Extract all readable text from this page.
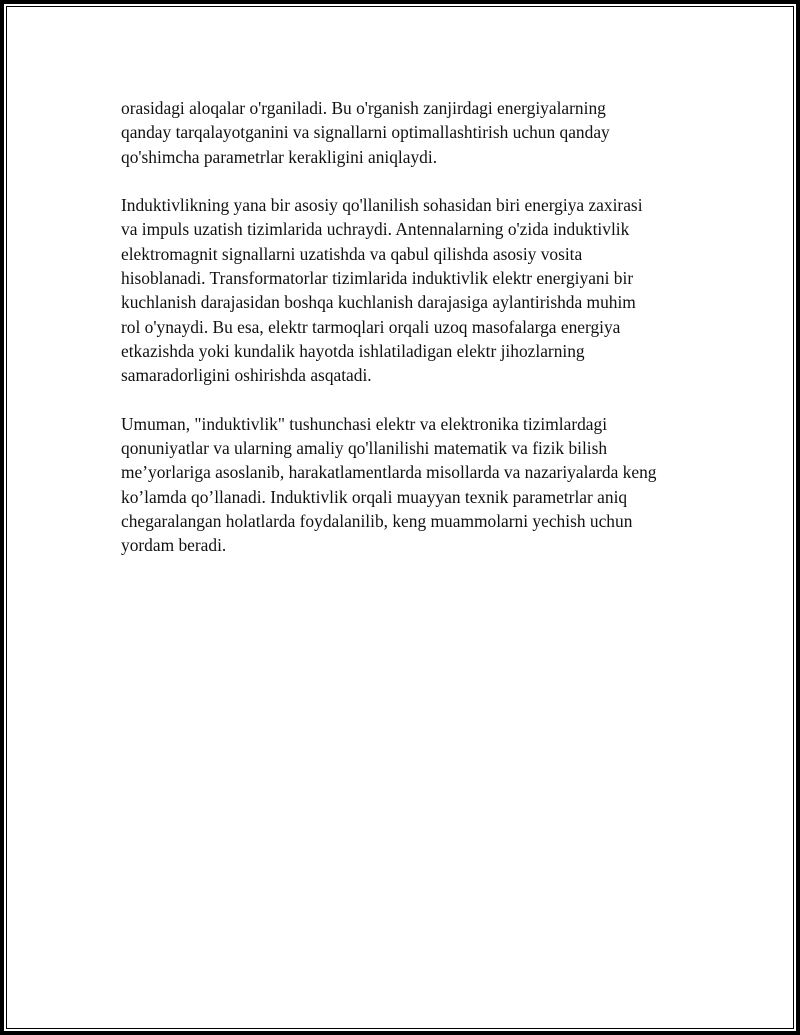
orasidagi aloqalar o'rganiladi. Bu o'rganish zanjirdagi energiyalarning
qanday tarqalayotganini va signallarni optimallashtirish uchun qanday
qo'shimcha parametrlar kerakligini aniqlaydi.
Induktivlikning yana bir asosiy qo'llanilish sohasidan biri energiya zaxirasi
va impuls uzatish tizimlarida uchraydi. Antennalarning o'zida induktivlik
elektromagnit signallarni uzatishda va qabul qilishda asosiy vosita
hisoblanadi. Transformatorlar tizimlarida induktivlik elektr energiyani bir
kuchlanish darajasidan boshqa kuchlanish darajasiga aylantirishda muhim
rol o'ynaydi. Bu esa, elektr tarmoqlari orqali uzoq masofalarga energiya
etkazishda yoki kundalik hayotda ishlatiladigan elektr jihozlarning
samaradorligini oshirishda asqatadi.
Umuman, "induktivlik" tushunchasi elektr va elektronika tizimlardagi
qonuniyatlar va ularning amaliy qo'llanilishi matematik va fizik bilish
me’yorlariga asoslanib, harakatlamentlarda misollarda va nazariyalarda keng
ko’lamda qo’llanadi. Induktivlik orqali muayyan texnik parametrlar aniq
chegaralangan holatlarda foydalanilib, keng muammolarni yechish uchun
yordam beradi.
